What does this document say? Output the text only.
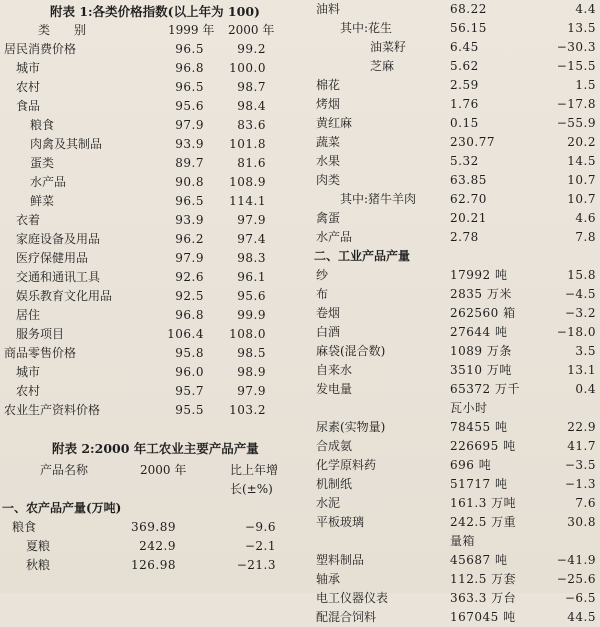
附表 1:各类价格指数(以上年为 100)
类　　别	1999 年 2000 年
居民消费价格	96.5	99.2
城市	96.8	100.0
农村	96.5	98.7
食品	95.6	98.4
粮食	97.9	83.6
肉禽及其制品	93.9	101.8
蛋类	89.7	81.6
水产品	90.8	108.9
鲜菜	96.5	114.1
衣着	93.9	97.9
家庭设备及用品	96.2	97.4
医疗保健用品	97.9	98.3
交通和通讯工具	92.6	96.1
娱乐教育文化用品	92.5	95.6
居住	96.8	99.9
服务项目	106.4	108.0
商品零售价格	95.8	98.5
城市	96.0	98.9
农村	95.7	97.9
农业生产资料价格	95.5	103.2
附表 2:2000 年工农业主要产品产量
产品名称	2000 年	比上年增
长(±%)
一、农产品产量(万吨)
粮食	369.89	−9.6
夏粮	242.9	−2.1
秋粮	126.98	−21.3
油料	68.22	4.4
其中:花生	56.15	13.5
油菜籽	6.45	−30.3
芝麻	5.62	−15.5
棉花	2.59	1.5
烤烟	1.76	−17.8
黄红麻	0.15	−55.9
蔬菜	230.77	20.2
水果	5.32	14.5
肉类	63.85	10.7
其中:猪牛羊肉	62.70	10.7
禽蛋	20.21	4.6
水产品	2.78	7.8
二、工业产品产量
纱	17992 吨	15.8
布	2835 万米	−4.5
卷烟	262560 箱	−3.2
白酒	27644 吨	−18.0
麻袋(混合数)	1089 万条	3.5
自来水	3510 万吨	13.1
发电量	65372 万千	0.4
瓦小时
尿素(实物量)	78455 吨	22.9
合成氨	226695 吨	41.7
化学原料药	696 吨	−3.5
机制纸	51717 吨	−1.3
水泥	161.3 万吨	7.6
平板玻璃	242.5 万重	30.8
量箱
塑料制品	45687 吨	−41.9
轴承	112.5 万套	−25.6
电工仪器仪表	363.3 万台	−6.5
配混合饲料	167045 吨	44.5
